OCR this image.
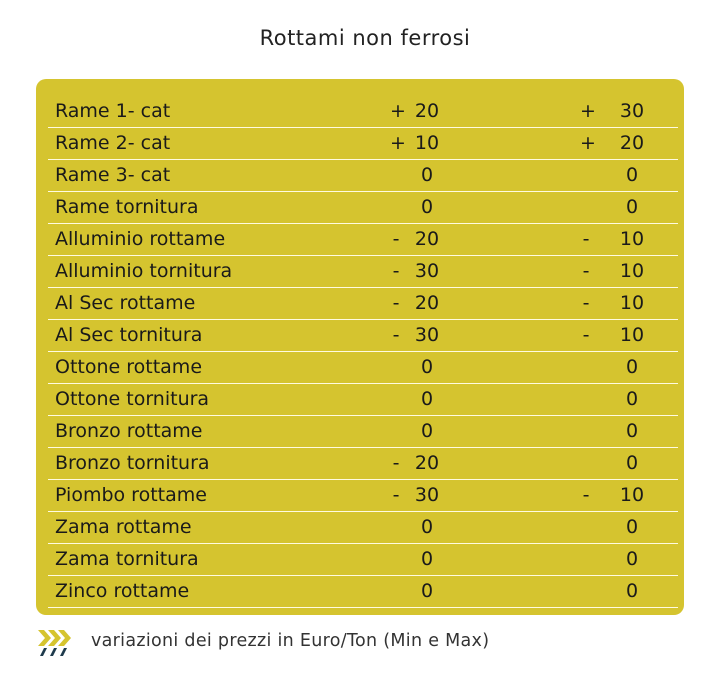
Rottami non ferrosi
Rame 1- cat	+ 20	+	30
Rame 2- cat	+ 10	+	20
Rame 3- cat	0	0
Rame tornitura	0	0
Alluminio rottame	- 20	-	10
Alluminio tornitura	- 30	-	10
Al Sec rottame	- 20	-	10
Al Sec tornitura	- 30	-	10
Ottone rottame	0	0
Ottone tornitura	0	0
Bronzo rottame	0	0
Bronzo tornitura	- 20	0
Piombo rottame	- 30	-	10
Zama rottame	0	0
Zama tornitura	0	0
Zinco rottame	0	0
variazioni dei prezzi in Euro/Ton (Min e Max)
